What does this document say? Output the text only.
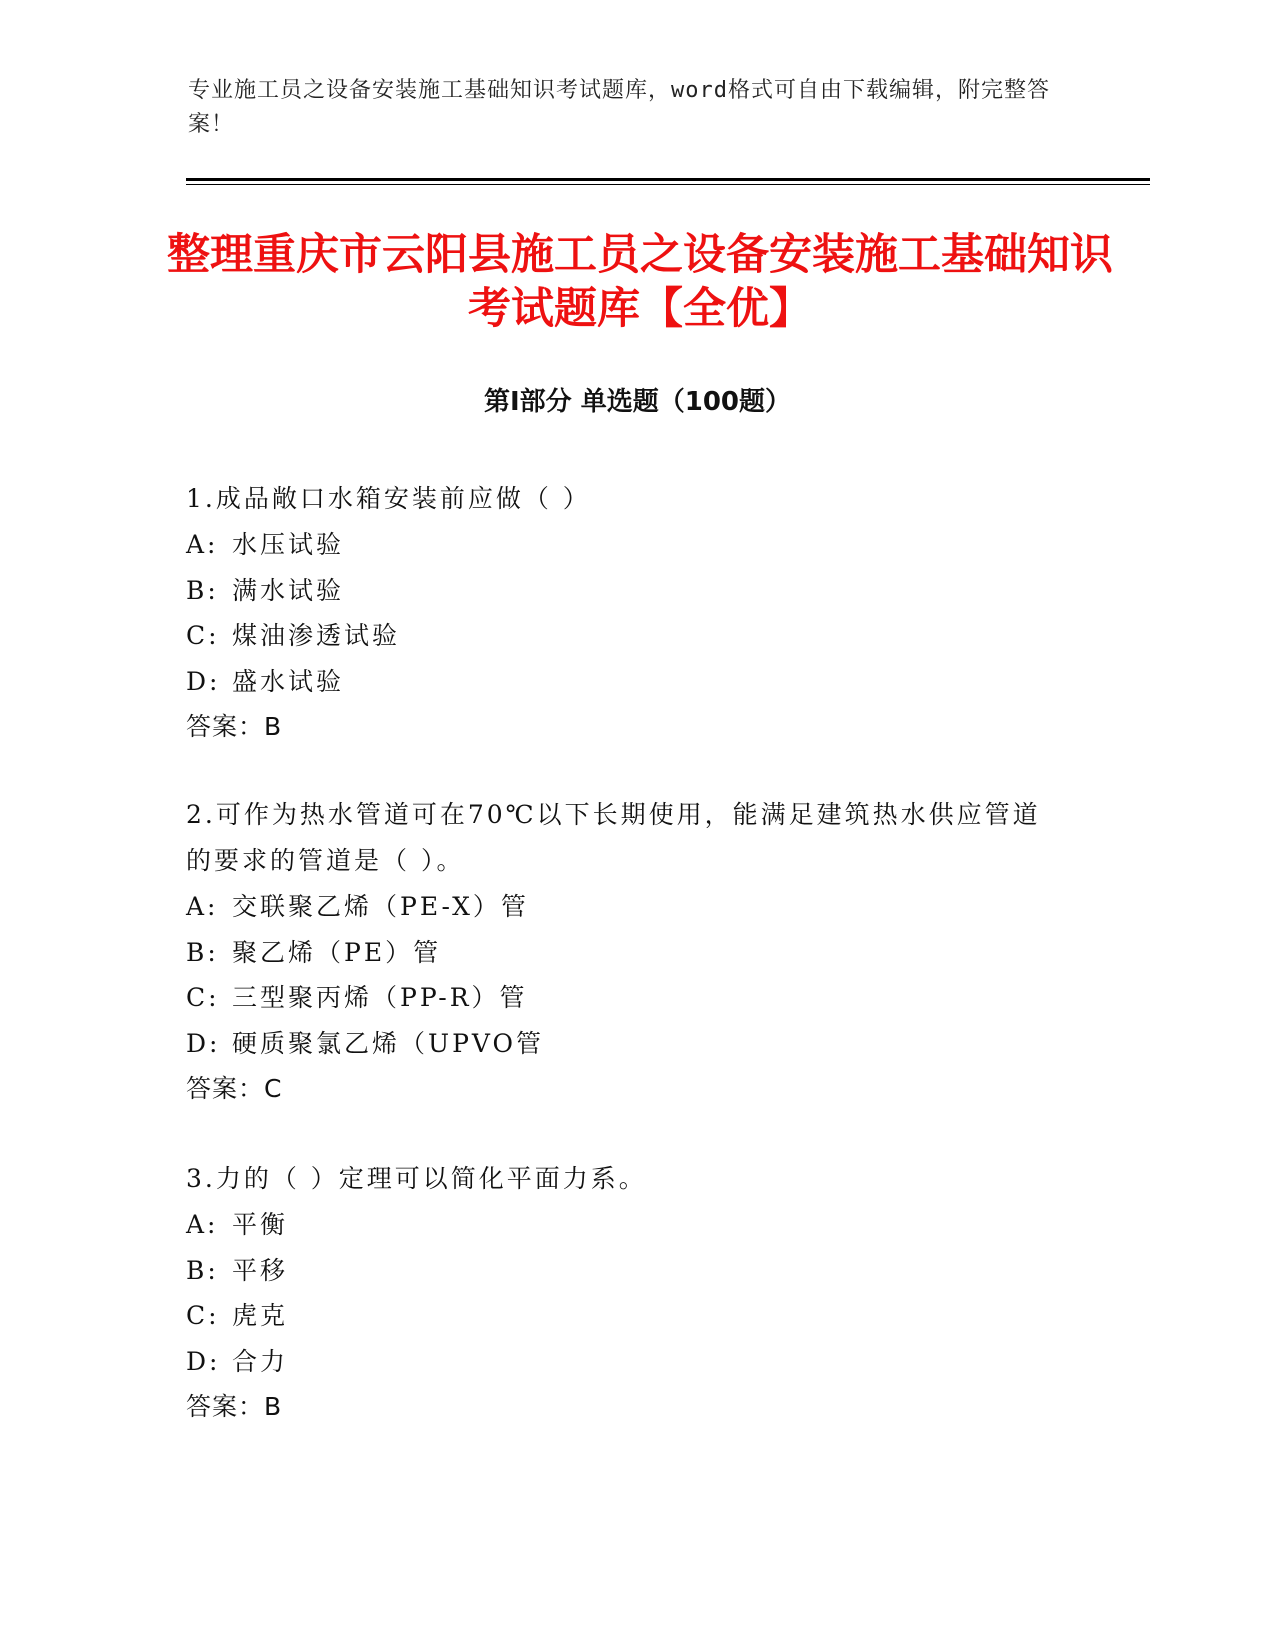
专业施工员之设备安装施工基础知识考试题库，word格式可自由下载编辑，附完整答案！
整理重庆市云阳县施工员之设备安装施工基础知识考试题库【全优】
第I部分 单选题（100题）

1.成品敞口水箱安装前应做（ ）

A: 水压试验

B: 满水试验

C: 煤油渗透试验

D: 盛水试验

答案：B

2.可作为热水管道可在70℃以下长期使用，能满足建筑热水供应管道的要求的管道是（ ）。

A: 交联聚乙烯（PE-X）管

B: 聚乙烯（PE）管

C: 三型聚丙烯（PP-R）管

D: 硬质聚氯乙烯（UPVO管

答案：C

3.力的（ ）定理可以简化平面力系。

A: 平衡

B: 平移

C: 虎克

D: 合力

答案：B
